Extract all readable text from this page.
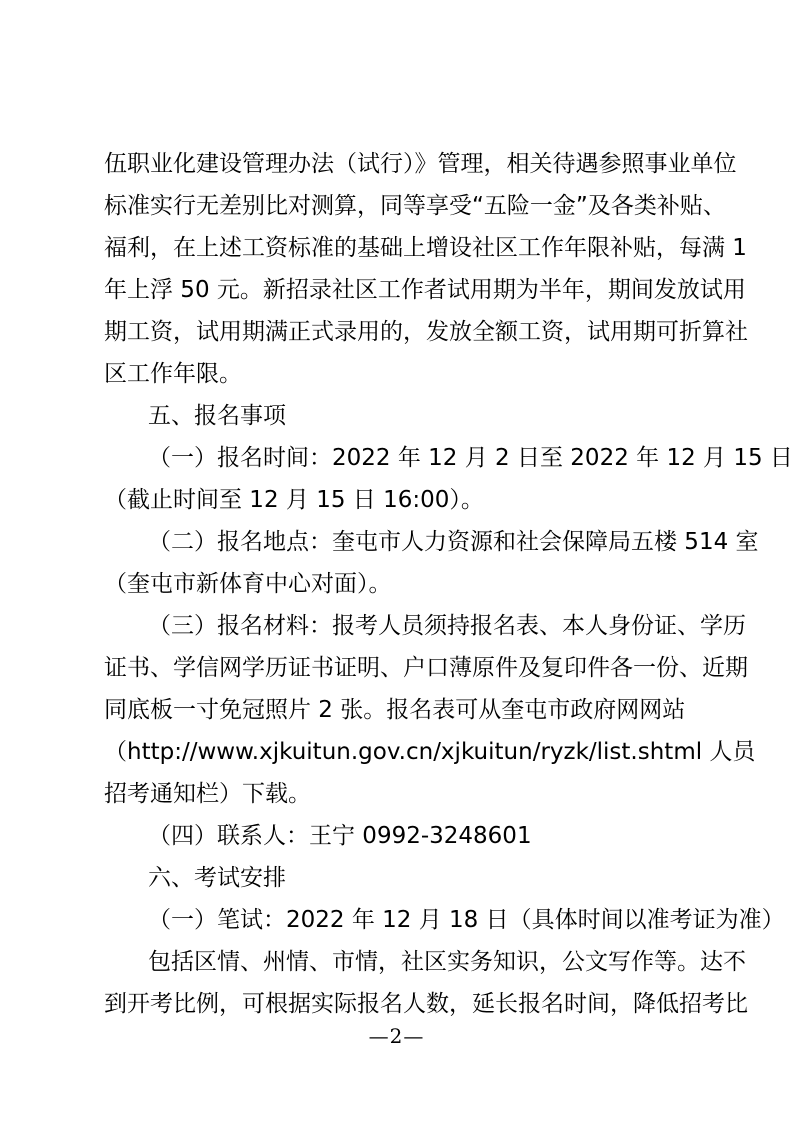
伍职业化建设管理办法（试行）》管理，相关待遇参照事业单位
标准实行无差别比对测算，同等享受“五险一金”及各类补贴、
福利，在上述工资标准的基础上增设社区工作年限补贴，每满 1
年上浮 50 元。新招录社区工作者试用期为半年，期间发放试用
期工资，试用期满正式录用的，发放全额工资，试用期可折算社
区工作年限。
五、报名事项
（一）报名时间：2022 年 12 月 2 日至 2022 年 12 月 15 日
（截止时间至 12 月 15 日 16:00）。
（二）报名地点：奎屯市人力资源和社会保障局五楼 514 室
（奎屯市新体育中心对面）。
（三）报名材料：报考人员须持报名表、本人身份证、学历
证书、学信网学历证书证明、户口薄原件及复印件各一份、近期
同底板一寸免冠照片 2 张。报名表可从奎屯市政府网网站
（http://www.xjkuitun.gov.cn/xjkuitun/ryzk/list.shtml 人员
招考通知栏）下载。
（四）联系人：王宁 0992-3248601
六、考试安排
（一）笔试：2022 年 12 月 18 日（具体时间以准考证为准）
包括区情、州情、市情，社区实务知识，公文写作等。达不
到开考比例，可根据实际报名人数，延长报名时间，降低招考比
—2—
